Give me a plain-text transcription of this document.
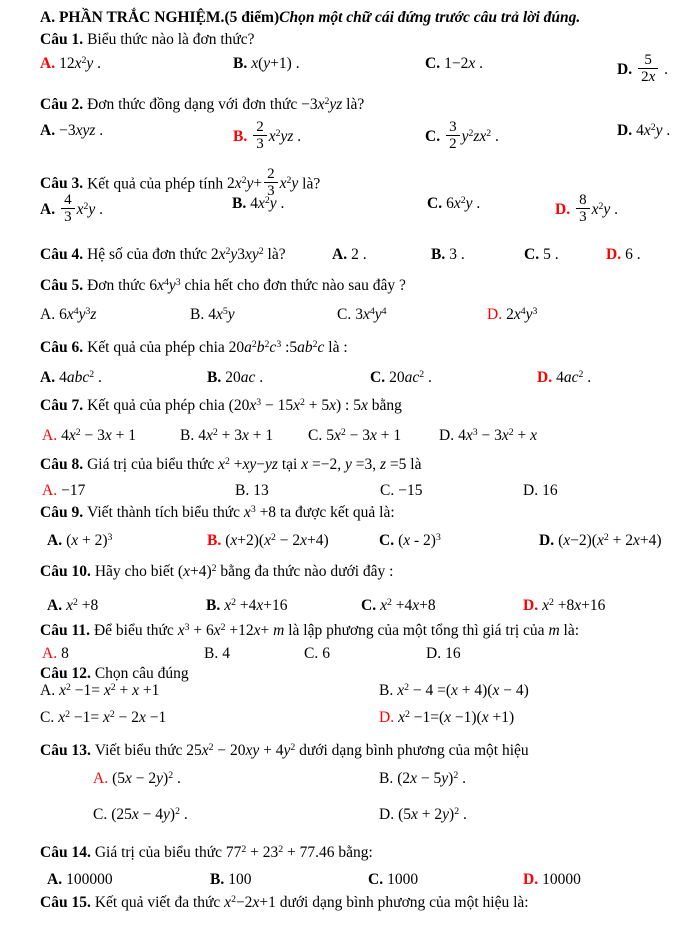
A. PHẦN TRẮC NGHIỆM.(5 điểm)Chọn một chữ cái đứng trước câu trả lời đúng.
Câu 1. Biểu thức nào là đơn thức?
A. $12x^2y$ .	B. x(y+1) .	C. 1−2x .	D. $\frac{5}{2x}$ .
Câu 2. Đơn thức đồng dạng với đơn thức $-3x^2yz$ là?
A. −3xyz .	B. $\frac{2}{3} x^2yz$ .	C. $\frac{3}{2} y^2zx^2$ .	D. $4x^2y$ .
Câu 3. Kết quả của phép tính $2x^2y+ \frac{2}{3} x^2y$ là?
A. $\frac{4}{3} x^2y$ .	B. $4x^2y$ .	C. $6x^2y$ .	D. $\frac{8}{3} x^2y$ .
Câu 4. Hệ số của đơn thức $2x^2y3xy^2$ là?	A. 2 .	B. 3 .	C. 5 .	D. 6 .
Câu 5. Đơn thức $6x^4y^3$ chia hết cho đơn thức nào sau đây ?
A. $6x^4y^3z$	B. $4x^5y$	C. $3x^4y^4$	D. $2x^4y^3$
Câu 6. Kết quả của phép chia $20a^2b^2c^3$ $:5ab^2c$ là :
A. 4abc$^2$ .	B. 20ac .	C. $20ac^2$ .	D. $4ac^2$ .
Câu 7. Kết quả của phép chia $(20x^3 - 15x^2 + 5x)$ : 5x bằng
A. $4x^2 - 3x + 1$	B. $4x^2 + 3x + 1$ C. $5x^2 - 3x + 1$ D. $4x^3 - 3x^2 + x$
Câu 8. Giá trị của biểu thức $x^2 +xy-yz$ tại x =−2, y =3, z =5 là
A. −17	B. 13	C. −15	D. 16
Câu 9. Viết thành tích biểu thức $x^3 +8$ ta được kết quả là:
A. $(x + 2)^3$	B. $(x+2)(x^2 - 2x+4)$	C. (x - 2)$^3$	D. $(x-2)(x^2 + 2x+4)$
Câu 10. Hãy cho biết $(x+4)^2$ bằng đa thức nào dưới đây :
A. $x^2 +8$	B. $x^2 +4x+16$	C. $x^2 +4x+8$	D. $x^2 +8x+16$
Câu 11. Để biểu thức $x^3 + 6x^2 +12x+ m$ là lập phương của một tổng thì giá trị của m là:
A. 8	B. 4	C. 6	D. 16
Câu 12. Chọn câu đúng
A. $x^2 -1= x^2 + x +1$	B. $x^2 - 4 =(x + 4)(x - 4)$
C. $x^2 -1= x^2 - 2x -1$	D. $x^2 -1=(x -1)(x +1)$
Câu 13. Viết biểu thức $25x^2 - 20xy + 4y^2$ dưới dạng bình phương của một hiệu
A. $(5x - 2y)^2$ .	B. $(2x - 5y)^2$ .
C. $(25x - 4y)^2$ .	D. $(5x + 2y)^2$ .
Câu 14. Giá trị của biểu thức $77^2 + 23^2 + 77.46$ bằng:
A. 100000	B. 100	C. 1000	D. 10000
Câu 15. Kết quả viết đa thức $x^2-2x+1$ dưới dạng bình phương của một hiệu là:
